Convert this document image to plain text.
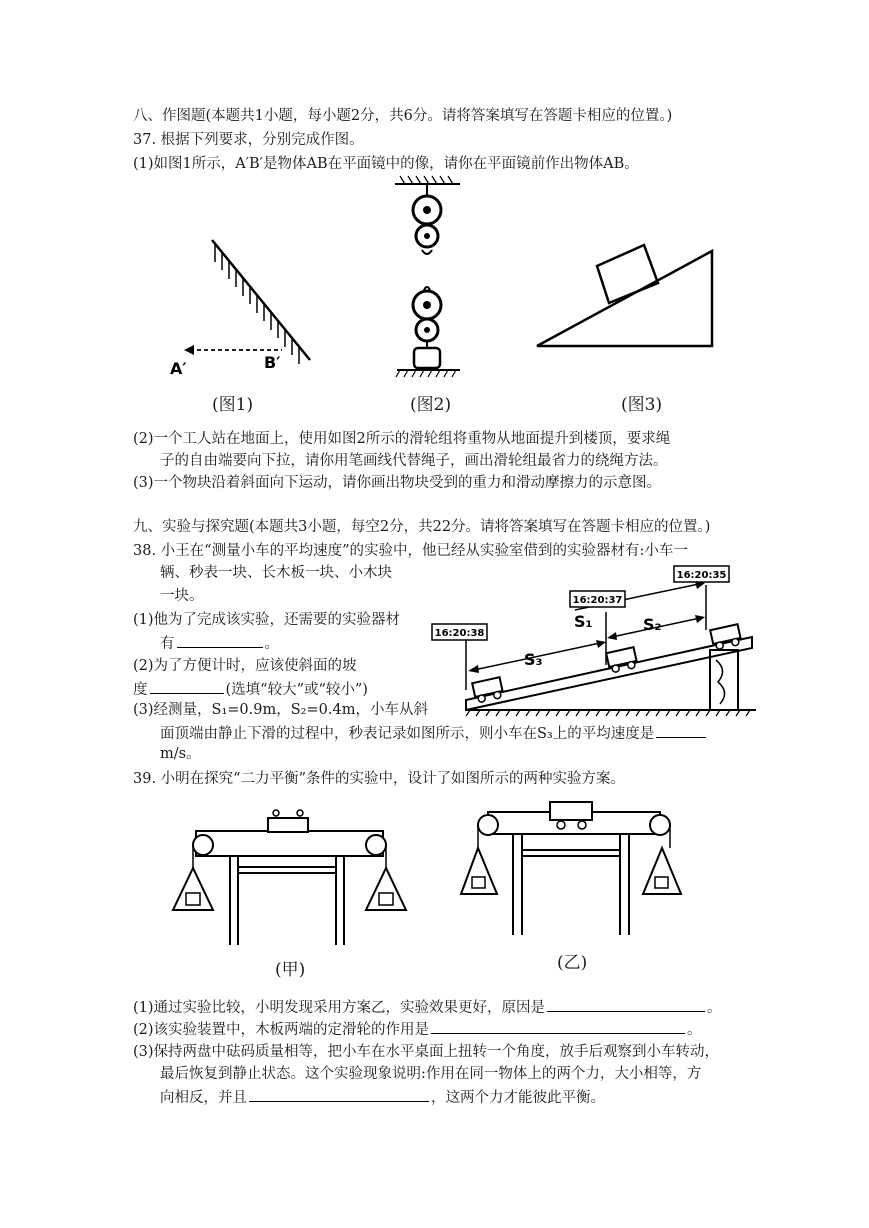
八、作图题(本题共1小题，每小题2分，共6分。请将答案填写在答题卡相应的位置。)
37. 根据下列要求，分别完成作图。
(1)如图1所示，A′B′是物体AB在平面镜中的像，请你在平面镜前作出物体AB。
A′	B′
(图1)	(图2)	(图3)
(2)一个工人站在地面上，使用如图2所示的滑轮组将重物从地面提升到楼顶，要求绳
子的自由端要向下拉，请你用笔画线代替绳子，画出滑轮组最省力的绕绳方法。
(3)一个物块沿着斜面向下运动，请你画出物块受到的重力和滑动摩擦力的示意图。
九、实验与探究题(本题共3小题，每空2分，共22分。请将答案填写在答题卡相应的位置。)
38. 小王在“测量小车的平均速度”的实验中，他已经从实验室借到的实验器材有:小车一
辆、秒表一块、长木板一块、小木块
一块。
(1)他为了完成该实验，还需要的实验器材
有	。
(2)为了方便计时，应该使斜面的坡
度	(选填“较大”或“较小”)
(3)经测量，S₁=0.9m，S₂=0.4m，小车从斜
面顶端由静止下滑的过程中，秒表记录如图所示，则小车在S₃上的平均速度是
m/s。
16:20:38
16:20:37
16:20:35
S₁	S₂
S₃
39. 小明在探究“二力平衡”条件的实验中，设计了如图所示的两种实验方案。
(甲)	(乙)
(1)通过实验比较，小明发现采用方案乙，实验效果更好，原因是	。
(2)该实验装置中，木板两端的定滑轮的作用是	。
(3)保持两盘中砝码质量相等，把小车在水平桌面上扭转一个角度，放手后观察到小车转动，
最后恢复到静止状态。这个实验现象说明:作用在同一物体上的两个力，大小相等，方
向相反，并且	，这两个力才能彼此平衡。
